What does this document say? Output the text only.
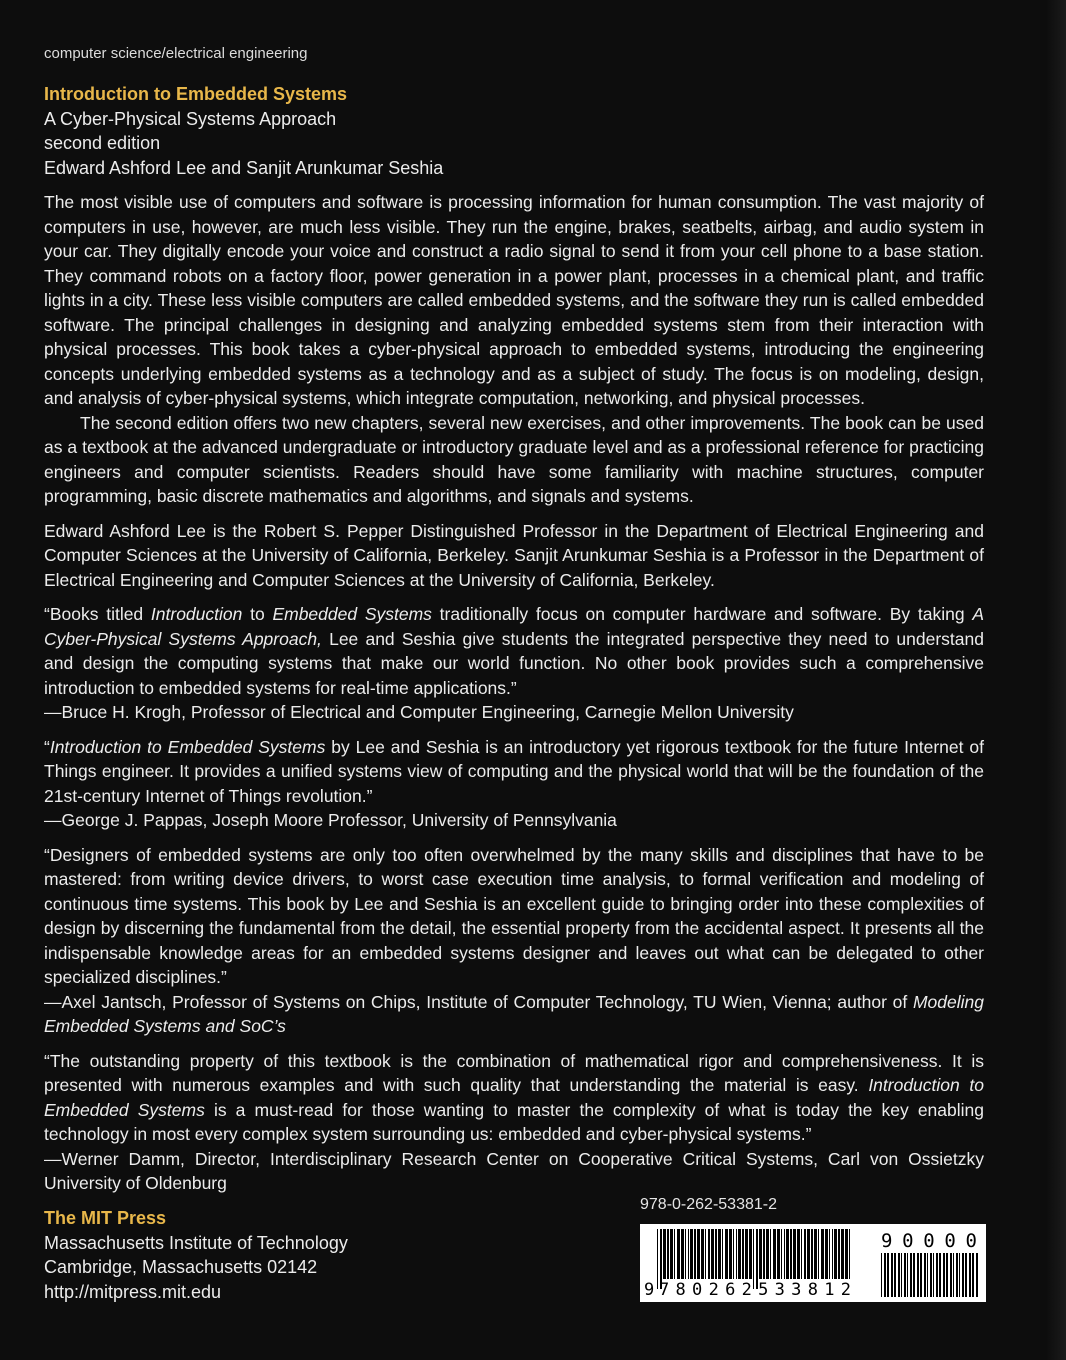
computer science/electrical engineering
Introduction to Embedded Systems
A Cyber-Physical Systems Approach
second edition
Edward Ashford Lee and Sanjit Arunkumar Seshia

The most visible use of computers and software is processing information for human consumption. The vast majority of computers in use, however, are much less visible. They run the engine, brakes, seatbelts, airbag, and audio system in your car. They digitally encode your voice and construct a radio signal to send it from your cell phone to a base station. They command robots on a factory floor, power generation in a power plant, processes in a chemical plant, and traffic lights in a city. These less visible computers are called embedded systems, and the software they run is called embedded software. The principal challenges in designing and analyzing embedded systems stem from their interaction with physical processes. This book takes a cyber-physical approach to embedded systems, introducing the engineering concepts underlying embedded systems as a technology and as a subject of study. The focus is on modeling, design, and analysis of cyber-physical systems, which integrate computation, networking, and physical processes.

The second edition offers two new chapters, several new exercises, and other improvements. The book can be used as a textbook at the advanced undergraduate or introductory graduate level and as a professional reference for practicing engineers and computer scientists. Readers should have some familiarity with machine structures, computer programming, basic discrete mathematics and algorithms, and signals and systems.

Edward Ashford Lee is the Robert S. Pepper Distinguished Professor in the Department of Electrical Engineering and Computer Sciences at the University of California, Berkeley. Sanjit Arunkumar Seshia is a Professor in the Department of Electrical Engineering and Computer Sciences at the University of California, Berkeley.

“Books titled Introduction to Embedded Systems traditionally focus on computer hardware and software. By taking A Cyber-Physical Systems Approach, Lee and Seshia give students the integrated perspective they need to understand and design the computing systems that make our world function. No other book provides such a comprehensive introduction to embedded systems for real-time applications.”

—Bruce H. Krogh, Professor of Electrical and Computer Engineering, Carnegie Mellon University

“Introduction to Embedded Systems by Lee and Seshia is an introductory yet rigorous textbook for the future Internet of Things engineer. It provides a unified systems view of computing and the physical world that will be the foundation of the 21st-century Internet of Things revolution.”

—George J. Pappas, Joseph Moore Professor, University of Pennsylvania

“Designers of embedded systems are only too often overwhelmed by the many skills and disciplines that have to be mastered: from writing device drivers, to worst case execution time analysis, to formal verification and modeling of continuous time systems. This book by Lee and Seshia is an excellent guide to bringing order into these complexities of design by discerning the fundamental from the detail, the essential property from the accidental aspect. It presents all the indispensable knowledge areas for an embedded systems designer and leaves out what can be delegated to other specialized disciplines.”

—Axel Jantsch, Professor of Systems on Chips, Institute of Computer Technology, TU Wien, Vienna; author of Modeling Embedded Systems and SoC’s

“The outstanding property of this textbook is the combination of mathematical rigor and comprehensiveness. It is presented with numerous examples and with such quality that understanding the material is easy. Introduction to Embedded Systems is a must-read for those wanting to master the complexity of what is today the key enabling technology in most every complex system surrounding us: embedded and cyber-physical systems.”

—Werner Damm, Director, Interdisciplinary Research Center on Cooperative Critical Systems, Carl von Ossietzky University of Oldenburg

The MIT Press
Massachusetts Institute of Technology
Cambridge, Massachusetts 02142
http://mitpress.mit.edu
978-0-262-53381-2
9 780262533812
90000
